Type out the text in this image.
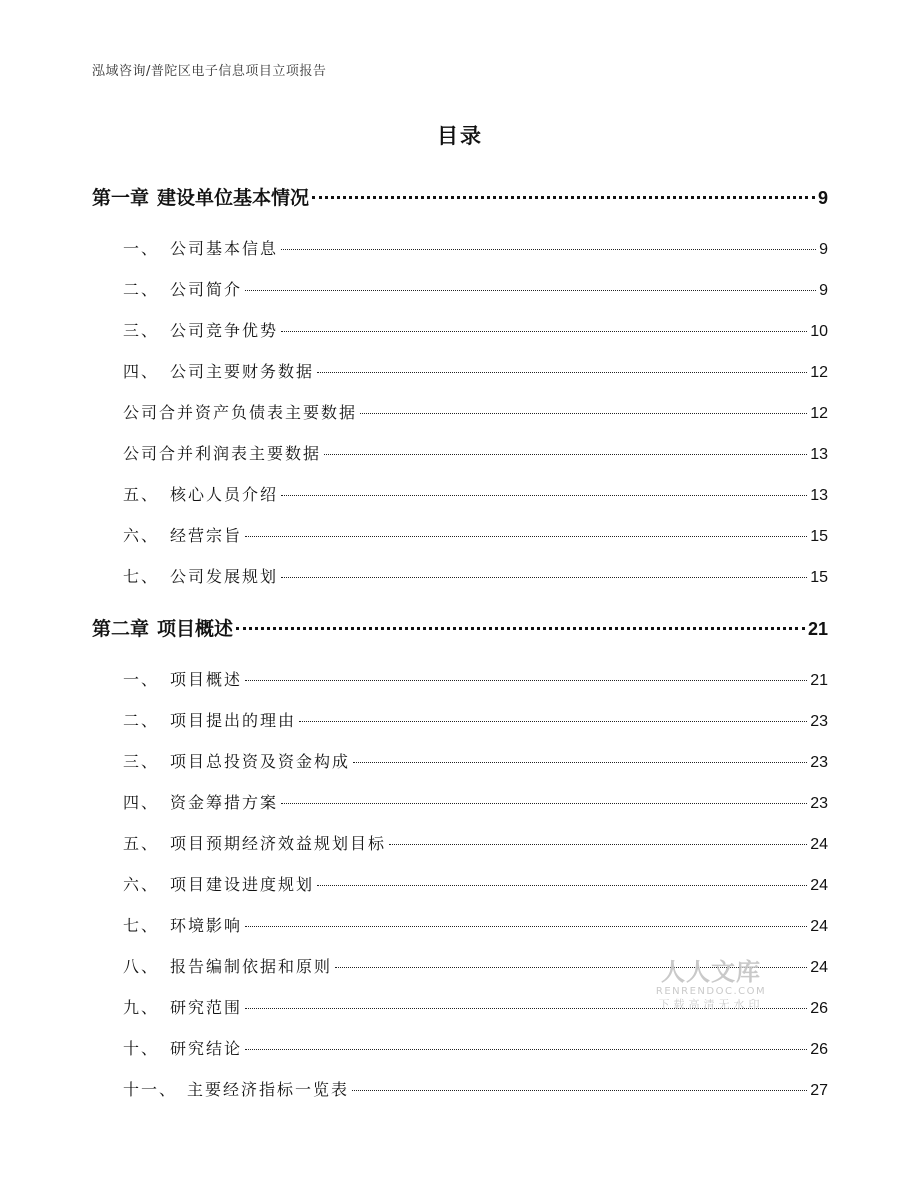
泓域咨询/普陀区电子信息项目立项报告
目录
第一章 建设单位基本情况	9
一、 公司基本信息	9
二、 公司简介	9
三、 公司竞争优势	10
四、 公司主要财务数据	12
公司合并资产负债表主要数据	12
公司合并利润表主要数据	13
五、 核心人员介绍	13
六、 经营宗旨	15
七、 公司发展规划	15
第二章 项目概述	21
一、 项目概述	21
二、 项目提出的理由	23
三、 项目总投资及资金构成	23
四、 资金筹措方案	23
五、 项目预期经济效益规划目标	24
六、 项目建设进度规划	24
七、 环境影响	24
八、 报告编制依据和原则	24
九、 研究范围	26
十、 研究结论	26
十一、 主要经济指标一览表	27
人人文库
RENRENDOC.COM
下载高清无水印
